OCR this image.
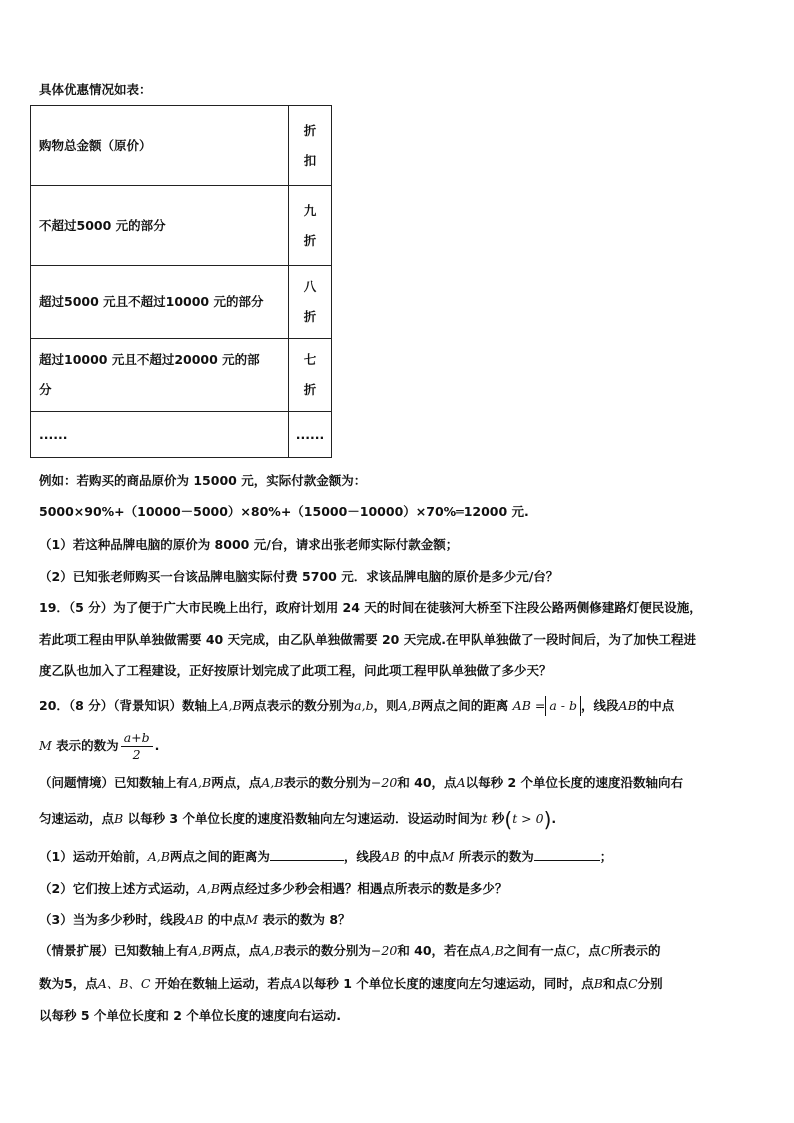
具体优惠情况如表：
购物总金额（原价）	折
扣

不超过5000 元的部分	九
折

超过5000 元且不超过10000 元的部分	八
折

超过10000 元且不超过20000 元的部
分	七
折

......	......
例如：若购买的商品原价为 15000 元，实际付款金额为：
5000×90%+（10000－5000）×80%+（15000－10000）×70%═12000 元.
（1）若这种品牌电脑的原价为 8000 元/台，请求出张老师实际付款金额；
（2）已知张老师购买一台该品牌电脑实际付费 5700 元．求该品牌电脑的原价是多少元/台？
19．（5 分）为了便于广大市民晚上出行，政府计划用 24 天的时间在徒骇河大桥至下注段公路两侧修建路灯便民设施，
若此项工程由甲队单独做需要 40 天完成，由乙队单独做需要 20 天完成.在甲队单独做了一段时间后，为了加快工程进
度乙队也加入了工程建设，正好按原计划完成了此项工程，问此项工程甲队单独做了多少天？
20．（8 分）（背景知识）数轴上A,B两点表示的数分别为a,b，则A,B两点之间的距离 AB = a - b ，线段AB的中点
M 表示的数为 $\frac{a+b}{2}$ .
（问题情境）已知数轴上有A,B两点，点A,B表示的数分别为−20和 40，点A以每秒 2 个单位长度的速度沿数轴向右
匀速运动，点B 以每秒 3 个单位长度的速度沿数轴向左匀速运动．设运动时间为t 秒(t > 0).
（1）运动开始前，A,B两点之间的距离为	，线段AB 的中点M 所表示的数为	；
（2）它们按上述方式运动，A,B两点经过多少秒会相遇？相遇点所表示的数是多少？
（3）当为多少秒时，线段AB 的中点M 表示的数为 8？
（情景扩展）已知数轴上有A,B两点，点A,B表示的数分别为−20和 40，若在点A,B之间有一点C，点C所表示的
数为5，点A、B、C 开始在数轴上运动，若点A以每秒 1 个单位长度的速度向左匀速运动，同时，点B和点C分别
以每秒 5 个单位长度和 2 个单位长度的速度向右运动.
